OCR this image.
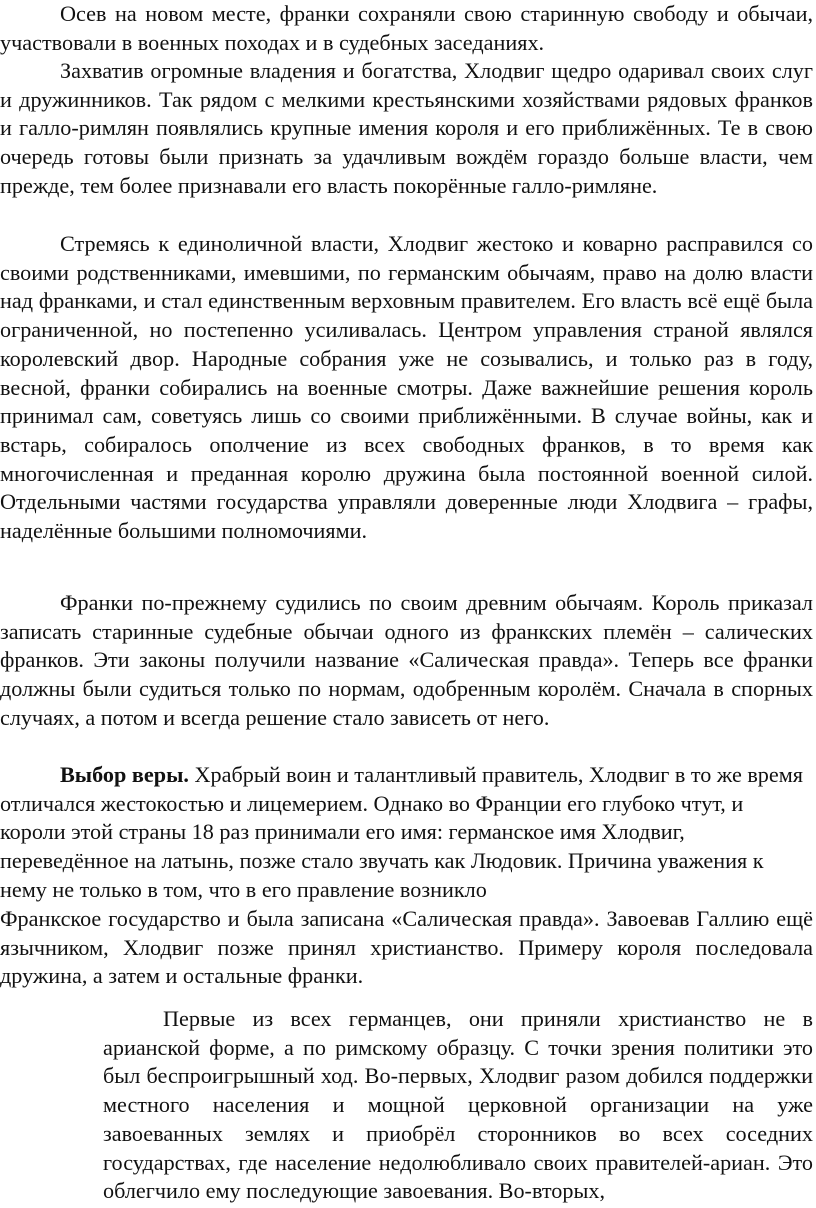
Осев на новом месте, франки сохраняли свою старинную свободу и обычаи, участвовали в военных походах и в судебных заседаниях.

Захватив огромные владения и богатства, Хлодвиг щедро одаривал своих слуг и дружинников. Так рядом с мелкими крестьянскими хозяйствами рядовых франков и галло-римлян появлялись крупные имения короля и его приближённых. Те в свою очередь готовы были признать за удачливым вождём гораздо больше власти, чем прежде, тем более признавали его власть покорённые галло-римляне.

Стремясь к единоличной власти, Хлодвиг жестоко и коварно расправился со своими родственниками, имевшими, по германским обычаям, право на долю власти над франками, и стал единственным верховным правителем. Его власть всё ещё была ограниченной, но постепенно усиливалась. Центром управления страной являлся королевский двор. Народные собрания уже не созывались, и только раз в году, весной, франки собирались на военные смотры. Даже важнейшие решения король принимал сам, советуясь лишь со своими приближёнными. В случае войны, как и встарь, собиралось ополчение из всех свободных франков, в то время как многочисленная и преданная королю дружина была постоянной военной силой. Отдельными частями государства управляли доверенные люди Хлодвига – графы, наделённые большими полномочиями.

Франки по-прежнему судились по своим древним обычаям. Король приказал записать старинные судебные обычаи одного из франкских племён – салических франков. Эти законы получили название «Салическая правда». Теперь все франки должны были судиться только по нормам, одобренным королём. Сначала в спорных случаях, а потом и всегда решение стало зависеть от него.

Выбор веры. Храбрый воин и талантливый правитель, Хлодвиг в то же время отличался жестокостью и лицемерием. Однако во Франции его глубоко чтут, и короли этой страны 18 раз принимали его имя: германское имя Хлодвиг, переведённое на латынь, позже стало звучать как Людовик. Причина уважения к нему не только в том, что в его правление возникло

Франкское государство и была записана «Салическая правда». Завоевав Галлию ещё язычником, Хлодвиг позже принял христианство. Примеру короля последовала дружина, а затем и остальные франки.

Первые из всех германцев, они приняли христианство не в арианской форме, а по римскому образцу. С точки зрения политики это был беспроигрышный ход. Во-первых, Хлодвиг разом добился поддержки местного населения и мощной церковной организации на уже завоеванных землях и приобрёл сторонников во всех соседних государствах, где население недолюбливало своих правителей-ариан. Это облегчило ему последующие завоевания. Во-вторых,
